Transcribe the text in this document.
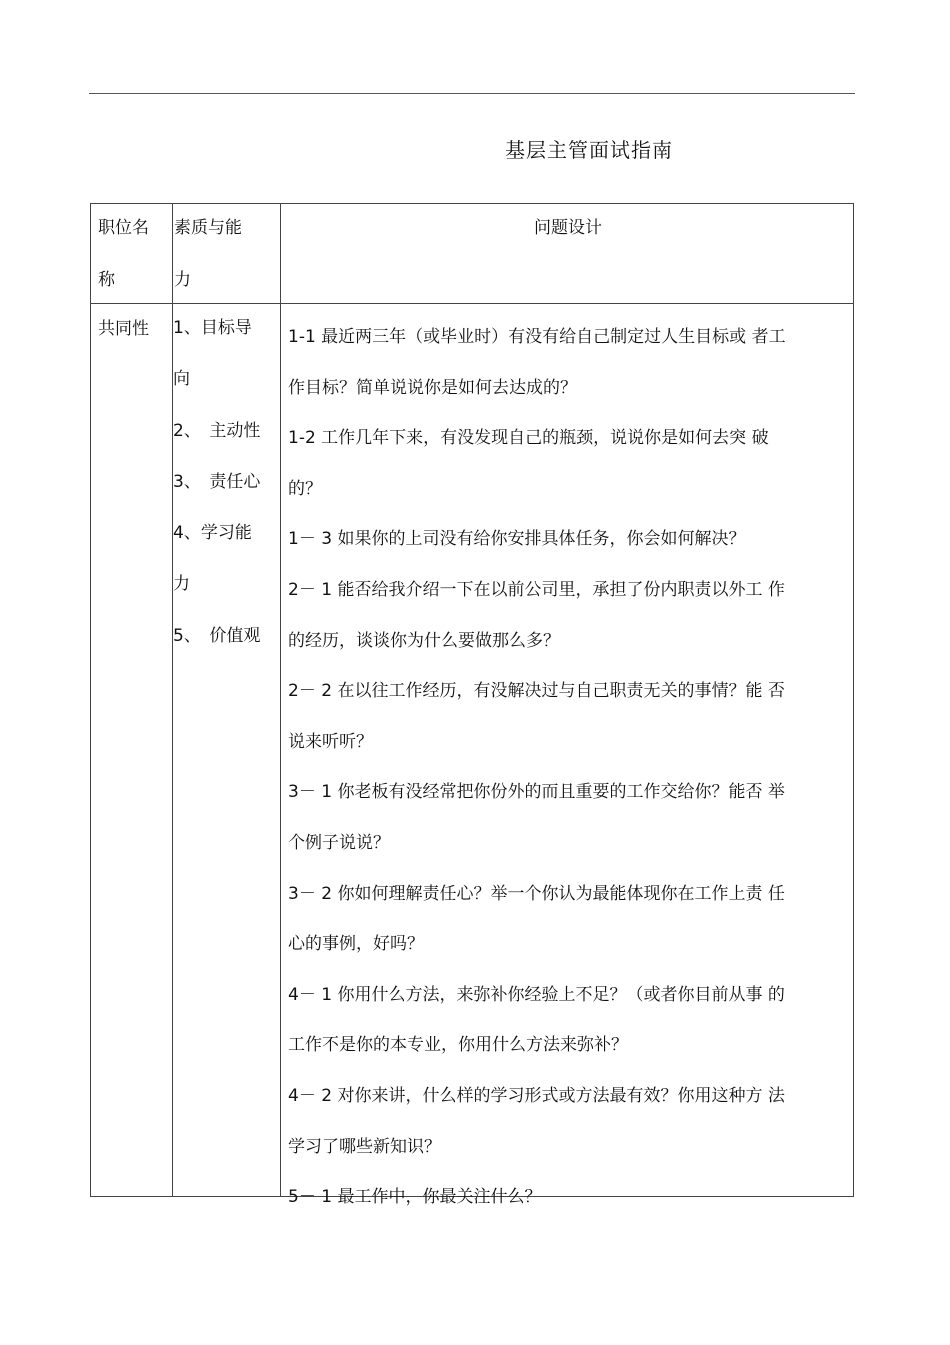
基层主管面试指南
职位名
称
素质与能
力
问题设计
共同性 1、目标导
向
2、　主动性
3、　责任心
4、学习能
力
5、　价值观
1-1 最近两三年（或毕业时）有没有给自己制定过人生目标或 者工
作目标？简单说说你是如何去达成的？
1-2 工作几年下来，有没发现自己的瓶颈，说说你是如何去突 破
的？
1－ 3 如果你的上司没有给你安排具体任务，你会如何解决？
2－ 1 能否给我介绍一下在以前公司里，承担了份内职责以外工 作
的经历，谈谈你为什么要做那么多？
2－ 2 在以往工作经历，有没解决过与自己职责无关的事情？能 否
说来听听？
3－ 1 你老板有没经常把你份外的而且重要的工作交给你？能否 举
个例子说说？
3－ 2 你如何理解责任心？举一个你认为最能体现你在工作上责 任
心的事例，好吗？
4－ 1 你用什么方法，来弥补你经验上不足？（或者你目前从事 的
工作不是你的本专业，你用什么方法来弥补？
4－ 2 对你来讲，什么样的学习形式或方法最有效？你用这种方 法
学习了哪些新知识？
5－ 1 最工作中，你最关注什么？
